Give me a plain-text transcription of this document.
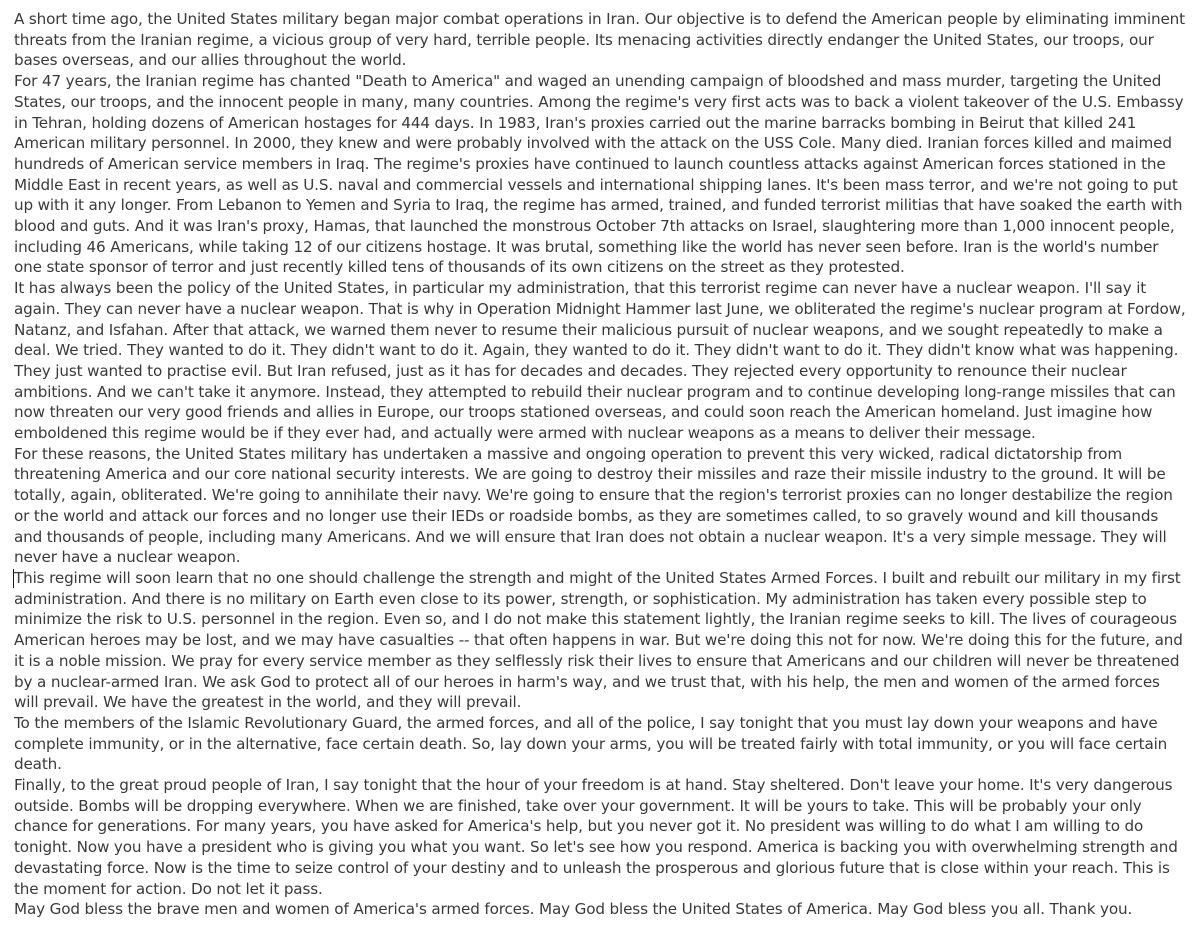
A short time ago, the United States military began major combat operations in Iran. Our objective is to defend the American people by eliminating imminent threats from the Iranian regime, a vicious group of very hard, terrible people. Its menacing activities directly endanger the United States, our troops, our bases overseas, and our allies throughout the world.

For 47 years, the Iranian regime has chanted "Death to America" and waged an unending campaign of bloodshed and mass murder, targeting the United States, our troops, and the innocent people in many, many countries. Among the regime's very first acts was to back a violent takeover of the U.S. Embassy in Tehran, holding dozens of American hostages for 444 days. In 1983, Iran's proxies carried out the marine barracks bombing in Beirut that killed 241 American military personnel. In 2000, they knew and were probably involved with the attack on the USS Cole. Many died. Iranian forces killed and maimed hundreds of American service members in Iraq. The regime's proxies have continued to launch countless attacks against American forces stationed in the Middle East in recent years, as well as U.S. naval and commercial vessels and international shipping lanes. It's been mass terror, and we're not going to put up with it any longer. From Lebanon to Yemen and Syria to Iraq, the regime has armed, trained, and funded terrorist militias that have soaked the earth with blood and guts. And it was Iran's proxy, Hamas, that launched the monstrous October 7th attacks on Israel, slaughtering more than 1,000 innocent people, including 46 Americans, while taking 12 of our citizens hostage. It was brutal, something like the world has never seen before. Iran is the world's number one state sponsor of terror and just recently killed tens of thousands of its own citizens on the street as they protested.

It has always been the policy of the United States, in particular my administration, that this terrorist regime can never have a nuclear weapon. I'll say it again. They can never have a nuclear weapon. That is why in Operation Midnight Hammer last June, we obliterated the regime's nuclear program at Fordow, Natanz, and Isfahan. After that attack, we warned them never to resume their malicious pursuit of nuclear weapons, and we sought repeatedly to make a deal. We tried. They wanted to do it. They didn't want to do it. Again, they wanted to do it. They didn't want to do it. They didn't know what was happening. They just wanted to practise evil. But Iran refused, just as it has for decades and decades. They rejected every opportunity to renounce their nuclear ambitions. And we can't take it anymore. Instead, they attempted to rebuild their nuclear program and to continue developing long-range missiles that can now threaten our very good friends and allies in Europe, our troops stationed overseas, and could soon reach the American homeland. Just imagine how emboldened this regime would be if they ever had, and actually were armed with nuclear weapons as a means to deliver their message.

For these reasons, the United States military has undertaken a massive and ongoing operation to prevent this very wicked, radical dictatorship from threatening America and our core national security interests. We are going to destroy their missiles and raze their missile industry to the ground. It will be totally, again, obliterated. We're going to annihilate their navy. We're going to ensure that the region's terrorist proxies can no longer destabilize the region or the world and attack our forces and no longer use their IEDs or roadside bombs, as they are sometimes called, to so gravely wound and kill thousands and thousands of people, including many Americans. And we will ensure that Iran does not obtain a nuclear weapon. It's a very simple message. They will never have a nuclear weapon.

This regime will soon learn that no one should challenge the strength and might of the United States Armed Forces. I built and rebuilt our military in my first administration. And there is no military on Earth even close to its power, strength, or sophistication. My administration has taken every possible step to minimize the risk to U.S. personnel in the region. Even so, and I do not make this statement lightly, the Iranian regime seeks to kill. The lives of courageous American heroes may be lost, and we may have casualties -- that often happens in war. But we're doing this not for now. We're doing this for the future, and it is a noble mission. We pray for every service member as they selflessly risk their lives to ensure that Americans and our children will never be threatened by a nuclear-armed Iran. We ask God to protect all of our heroes in harm's way, and we trust that, with his help, the men and women of the armed forces will prevail. We have the greatest in the world, and they will prevail.

To the members of the Islamic Revolutionary Guard, the armed forces, and all of the police, I say tonight that you must lay down your weapons and have complete immunity, or in the alternative, face certain death. So, lay down your arms, you will be treated fairly with total immunity, or you will face certain death.

Finally, to the great proud people of Iran, I say tonight that the hour of your freedom is at hand. Stay sheltered. Don't leave your home. It's very dangerous outside. Bombs will be dropping everywhere. When we are finished, take over your government. It will be yours to take. This will be probably your only chance for generations. For many years, you have asked for America's help, but you never got it. No president was willing to do what I am willing to do tonight. Now you have a president who is giving you what you want. So let's see how you respond. America is backing you with overwhelming strength and devastating force. Now is the time to seize control of your destiny and to unleash the prosperous and glorious future that is close within your reach. This is the moment for action. Do not let it pass.

May God bless the brave men and women of America's armed forces. May God bless the United States of America. May God bless you all. Thank you.
